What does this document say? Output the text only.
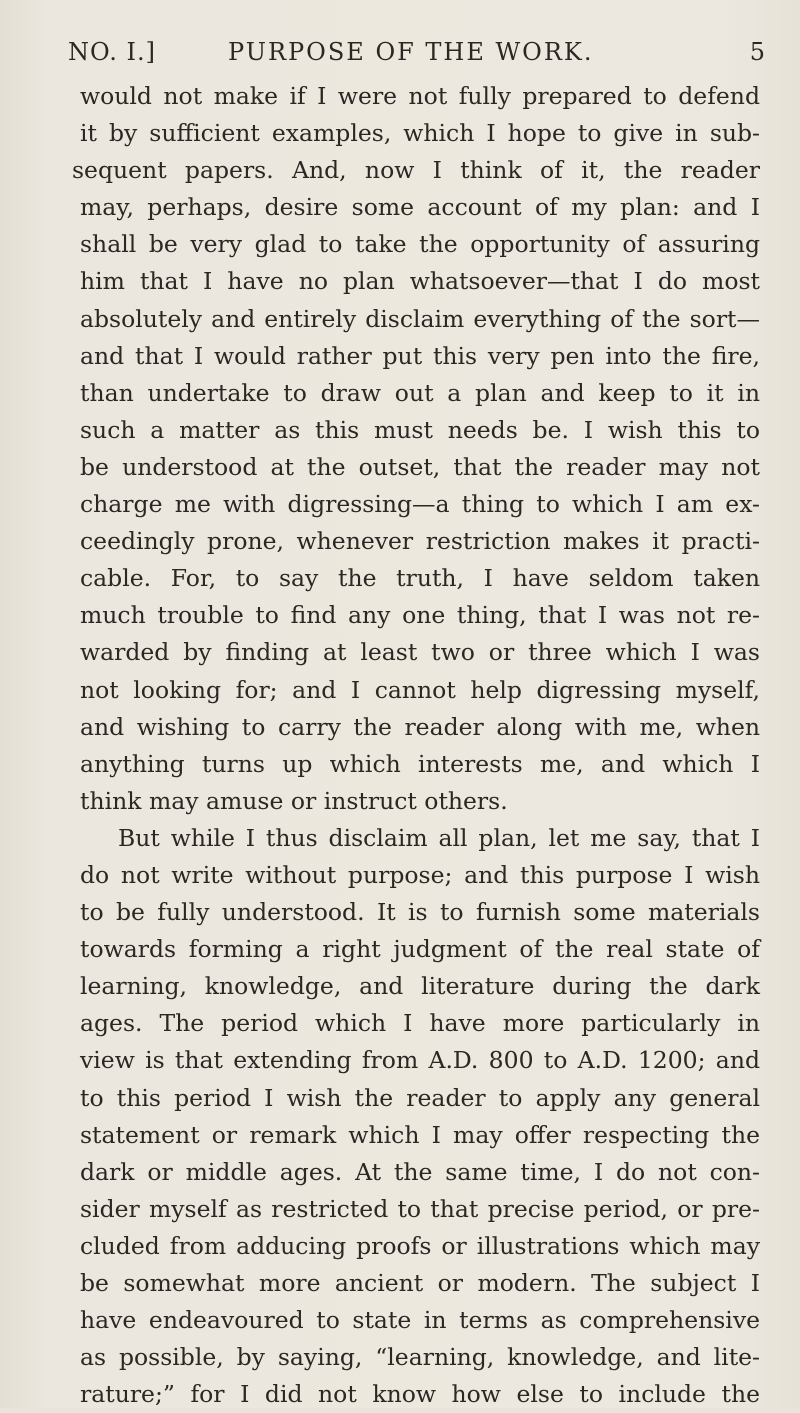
NO. I.]	PURPOSE OF THE WORK.	5
would not make if I were not fully prepared to defend
it by sufficient examples, which I hope to give in sub-
sequent papers. And, now I think of it, the reader
may, perhaps, desire some account of my plan: and I
shall be very glad to take the opportunity of assuring
him that I have no plan whatsoever—that I do most
absolutely and entirely disclaim everything of the sort—
and that I would rather put this very pen into the fire,
than undertake to draw out a plan and keep to it in
such a matter as this must needs be. I wish this to
be understood at the outset, that the reader may not
charge me with digressing—a thing to which I am ex-
ceedingly prone, whenever restriction makes it practi-
cable. For, to say the truth, I have seldom taken
much trouble to find any one thing, that I was not re-
warded by finding at least two or three which I was
not looking for; and I cannot help digressing myself,
and wishing to carry the reader along with me, when
anything turns up which interests me, and which I
think may amuse or instruct others.
But while I thus disclaim all plan, let me say, that I
do not write without purpose; and this purpose I wish
to be fully understood. It is to furnish some materials
towards forming a right judgment of the real state of
learning, knowledge, and literature during the dark
ages. The period which I have more particularly in
view is that extending from A.D. 800 to A.D. 1200; and
to this period I wish the reader to apply any general
statement or remark which I may offer respecting the
dark or middle ages. At the same time, I do not con-
sider myself as restricted to that precise period, or pre-
cluded from adducing proofs or illustrations which may
be somewhat more ancient or modern. The subject I
have endeavoured to state in terms as comprehensive
as possible, by saying, “learning, knowledge, and lite-
rature;” for I did not know how else to include the
